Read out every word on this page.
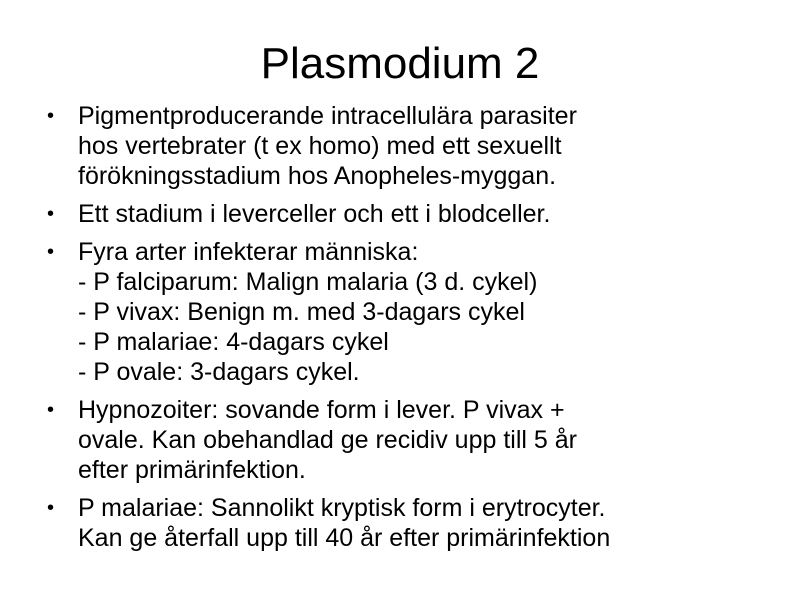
Plasmodium 2
• Pigmentproducerande intracellulära parasiter
hos vertebrater (t ex homo) med ett sexuellt
förökningsstadium hos Anopheles-myggan.
• Ett stadium i leverceller och ett i blodceller.
• Fyra arter infekterar människa:
- P falciparum: Malign malaria (3 d. cykel)
- P vivax: Benign m. med 3-dagars cykel
- P malariae: 4-dagars cykel
- P ovale: 3-dagars cykel.
• Hypnozoiter: sovande form i lever. P vivax +
ovale. Kan obehandlad ge recidiv upp till 5 år
efter primärinfektion.
• P malariae: Sannolikt kryptisk form i erytrocyter.
Kan ge återfall upp till 40 år efter primärinfektion
